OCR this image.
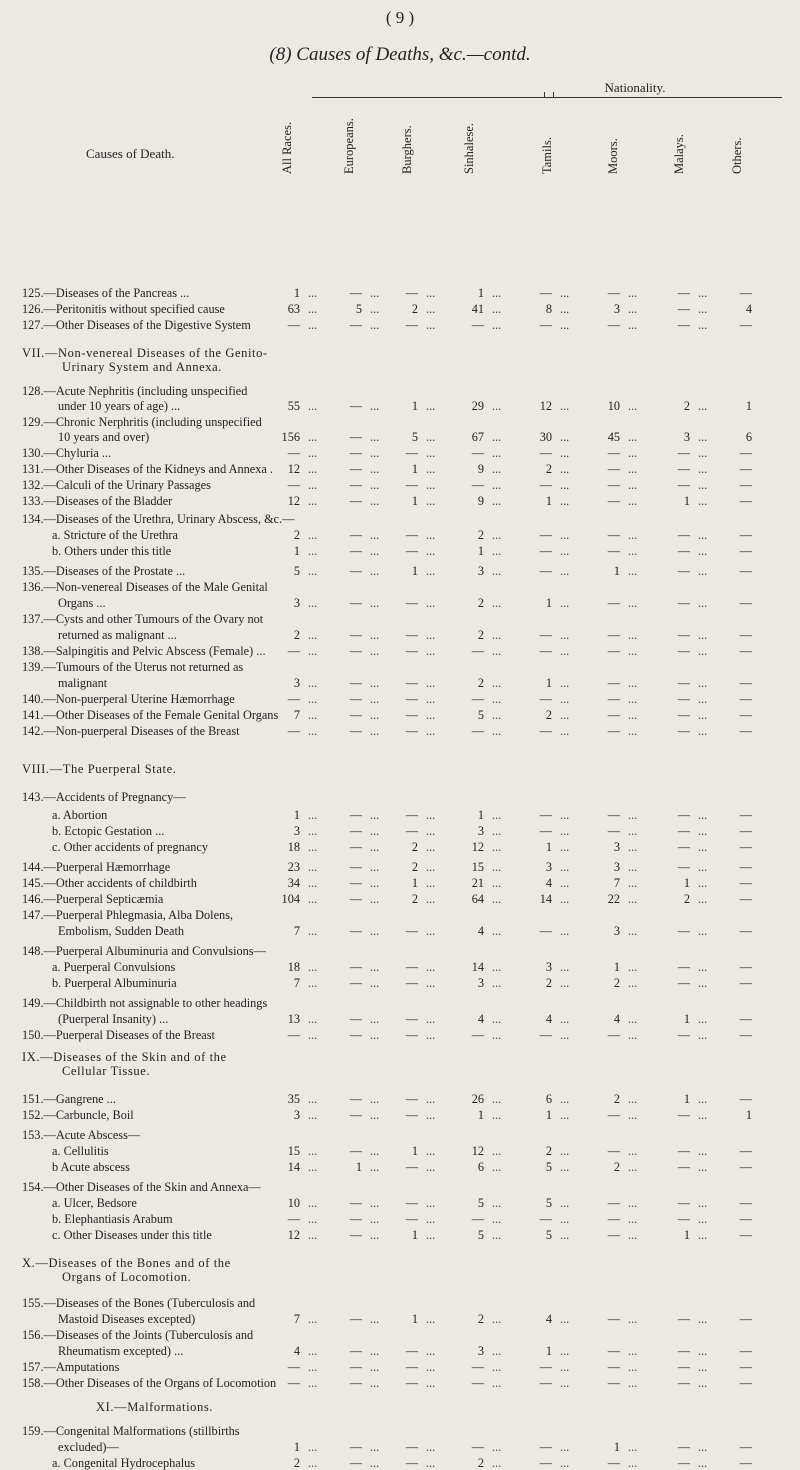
( 9 )
(8) Causes of Deaths, &c.—contd.
Nationality.
Causes of Death.	All Races.	Europeans.	Burghers.	Sinhalese.	Tamils.	Moors.	Malays.	Others.
VII.—Non-venereal Diseases of the Genito-
Urinary System and Annexa.
VIII.—The Puerperal State.
IX.—Diseases of the Skin and of the
Cellular Tissue.
X.—Diseases of the Bones and of the
Organs of Locomotion.
XI.—Malformations.
125.—Diseases of the Pancreas ...	1 ...	— ...	— ...	1 ...	— ...	— ...	— ...	—
126.—Peritonitis without specified cause	63 ...	5 ...	2 ...	41 ...	8 ...	3 ...	— ...	4
127.—Other Diseases of the Digestive System	— ...	— ...	— ...	— ...	— ...	— ...	— ...	—
128.—Acute Nephritis (including unspecified
under 10 years of age) ...	55 ...	— ...	1 ...	29 ...	12 ...	10 ...	2 ...	1
129.—Chronic Nerphritis (including unspecified
10 years and over)	156 ...	— ...	5 ...	67 ...	30 ...	45 ...	3 ...	6
130.—Chyluria ...	— ...	— ...	— ...	— ...	— ...	— ...	— ...	—
131.—Other Diseases of the Kidneys and Annexa .	12 ...	— ...	1 ...	9 ...	2 ...	— ...	— ...	—
132.—Calculi of the Urinary Passages	— ...	— ...	— ...	— ...	— ...	— ...	— ...	—
133.—Diseases of the Bladder	12 ...	— ...	1 ...	9 ...	1 ...	— ...	1 ...	—
134.—Diseases of the Urethra, Urinary Abscess, &c.—
a. Stricture of the Urethra	2 ...	— ...	— ...	2 ...	— ...	— ...	— ...	—
b. Others under this title	1 ...	— ...	— ...	1 ...	— ...	— ...	— ...	—
135.—Diseases of the Prostate ...	5 ...	— ...	1 ...	3 ...	— ...	1 ...	— ...	—
136.—Non-venereal Diseases of the Male Genital
Organs ...	3 ...	— ...	— ...	2 ...	1 ...	— ...	— ...	—
137.—Cysts and other Tumours of the Ovary not
returned as malignant ...	2 ...	— ...	— ...	2 ...	— ...	— ...	— ...	—
138.—Salpingitis and Pelvic Abscess (Female) ...	— ...	— ...	— ...	— ...	— ...	— ...	— ...	—
139.—Tumours of the Uterus not returned as
malignant	3 ...	— ...	— ...	2 ...	1 ...	— ...	— ...	—
140.—Non-puerperal Uterine Hæmorrhage	— ...	— ...	— ...	— ...	— ...	— ...	— ...	—
141.—Other Diseases of the Female Genital Organs	7 ...	— ...	— ...	5 ...	2 ...	— ...	— ...	—
142.—Non-puerperal Diseases of the Breast	— ...	— ...	— ...	— ...	— ...	— ...	— ...	—
143.—Accidents of Pregnancy—
a. Abortion	1 ...	— ...	— ...	1 ...	— ...	— ...	— ...	—
b. Ectopic Gestation ...	3 ...	— ...	— ...	3 ...	— ...	— ...	— ...	—
c. Other accidents of pregnancy	18 ...	— ...	2 ...	12 ...	1 ...	3 ...	— ...	—
144.—Puerperal Hæmorrhage	23 ...	— ...	2 ...	15 ...	3 ...	3 ...	— ...	—
145.—Other accidents of childbirth	34 ...	— ...	1 ...	21 ...	4 ...	7 ...	1 ...	—
146.—Puerperal Septicæmia	104 ...	— ...	2 ...	64 ...	14 ...	22 ...	2 ...	—
147.—Puerperal Phlegmasia, Alba Dolens,
Embolism, Sudden Death	7 ...	— ...	— ...	4 ...	— ...	3 ...	— ...	—
148.—Puerperal Albuminuria and Convulsions—
a. Puerperal Convulsions	18 ...	— ...	— ...	14 ...	3 ...	1 ...	— ...	—
b. Puerperal Albuminuria	7 ...	— ...	— ...	3 ...	2 ...	2 ...	— ...	—
149.—Childbirth not assignable to other headings
(Puerperal Insanity) ...	13 ...	— ...	— ...	4 ...	4 ...	4 ...	1 ...	—
150.—Puerperal Diseases of the Breast	— ...	— ...	— ...	— ...	— ...	— ...	— ...	—
151.—Gangrene ...	35 ...	— ...	— ...	26 ...	6 ...	2 ...	1 ...	—
152.—Carbuncle, Boil	3 ...	— ...	— ...	1 ...	1 ...	— ...	— ...	1
153.—Acute Abscess—
a. Cellulitis	15 ...	— ...	1 ...	12 ...	2 ...	— ...	— ...	—
b Acute abscess	14 ...	1 ...	— ...	6 ...	5 ...	2 ...	— ...	—
154.—Other Diseases of the Skin and Annexa—
a. Ulcer, Bedsore	10 ...	— ...	— ...	5 ...	5 ...	— ...	— ...	—
b. Elephantiasis Arabum	— ...	— ...	— ...	— ...	— ...	— ...	— ...	—
c. Other Diseases under this title	12 ...	— ...	1 ...	5 ...	5 ...	— ...	1 ...	—
155.—Diseases of the Bones (Tuberculosis and
Mastoid Diseases excepted)	7 ...	— ...	1 ...	2 ...	4 ...	— ...	— ...	—
156.—Diseases of the Joints (Tuberculosis and
Rheumatism excepted) ...	4 ...	— ...	— ...	3 ...	1 ...	— ...	— ...	—
157.—Amputations	— ...	— ...	— ...	— ...	— ...	— ...	— ...	—
158.—Other Diseases of the Organs of Locomotion — ...	— ...	— ...	— ...	— ...	— ...	— ...	—
159.—Congenital Malformations (stillbirths
excluded)—	1 ...	— ...	— ...	— ...	— ...	1 ...	— ...	—
a. Congenital Hydrocephalus	2 ...	— ...	— ...	2 ...	— ...	— ...	— ...	—
